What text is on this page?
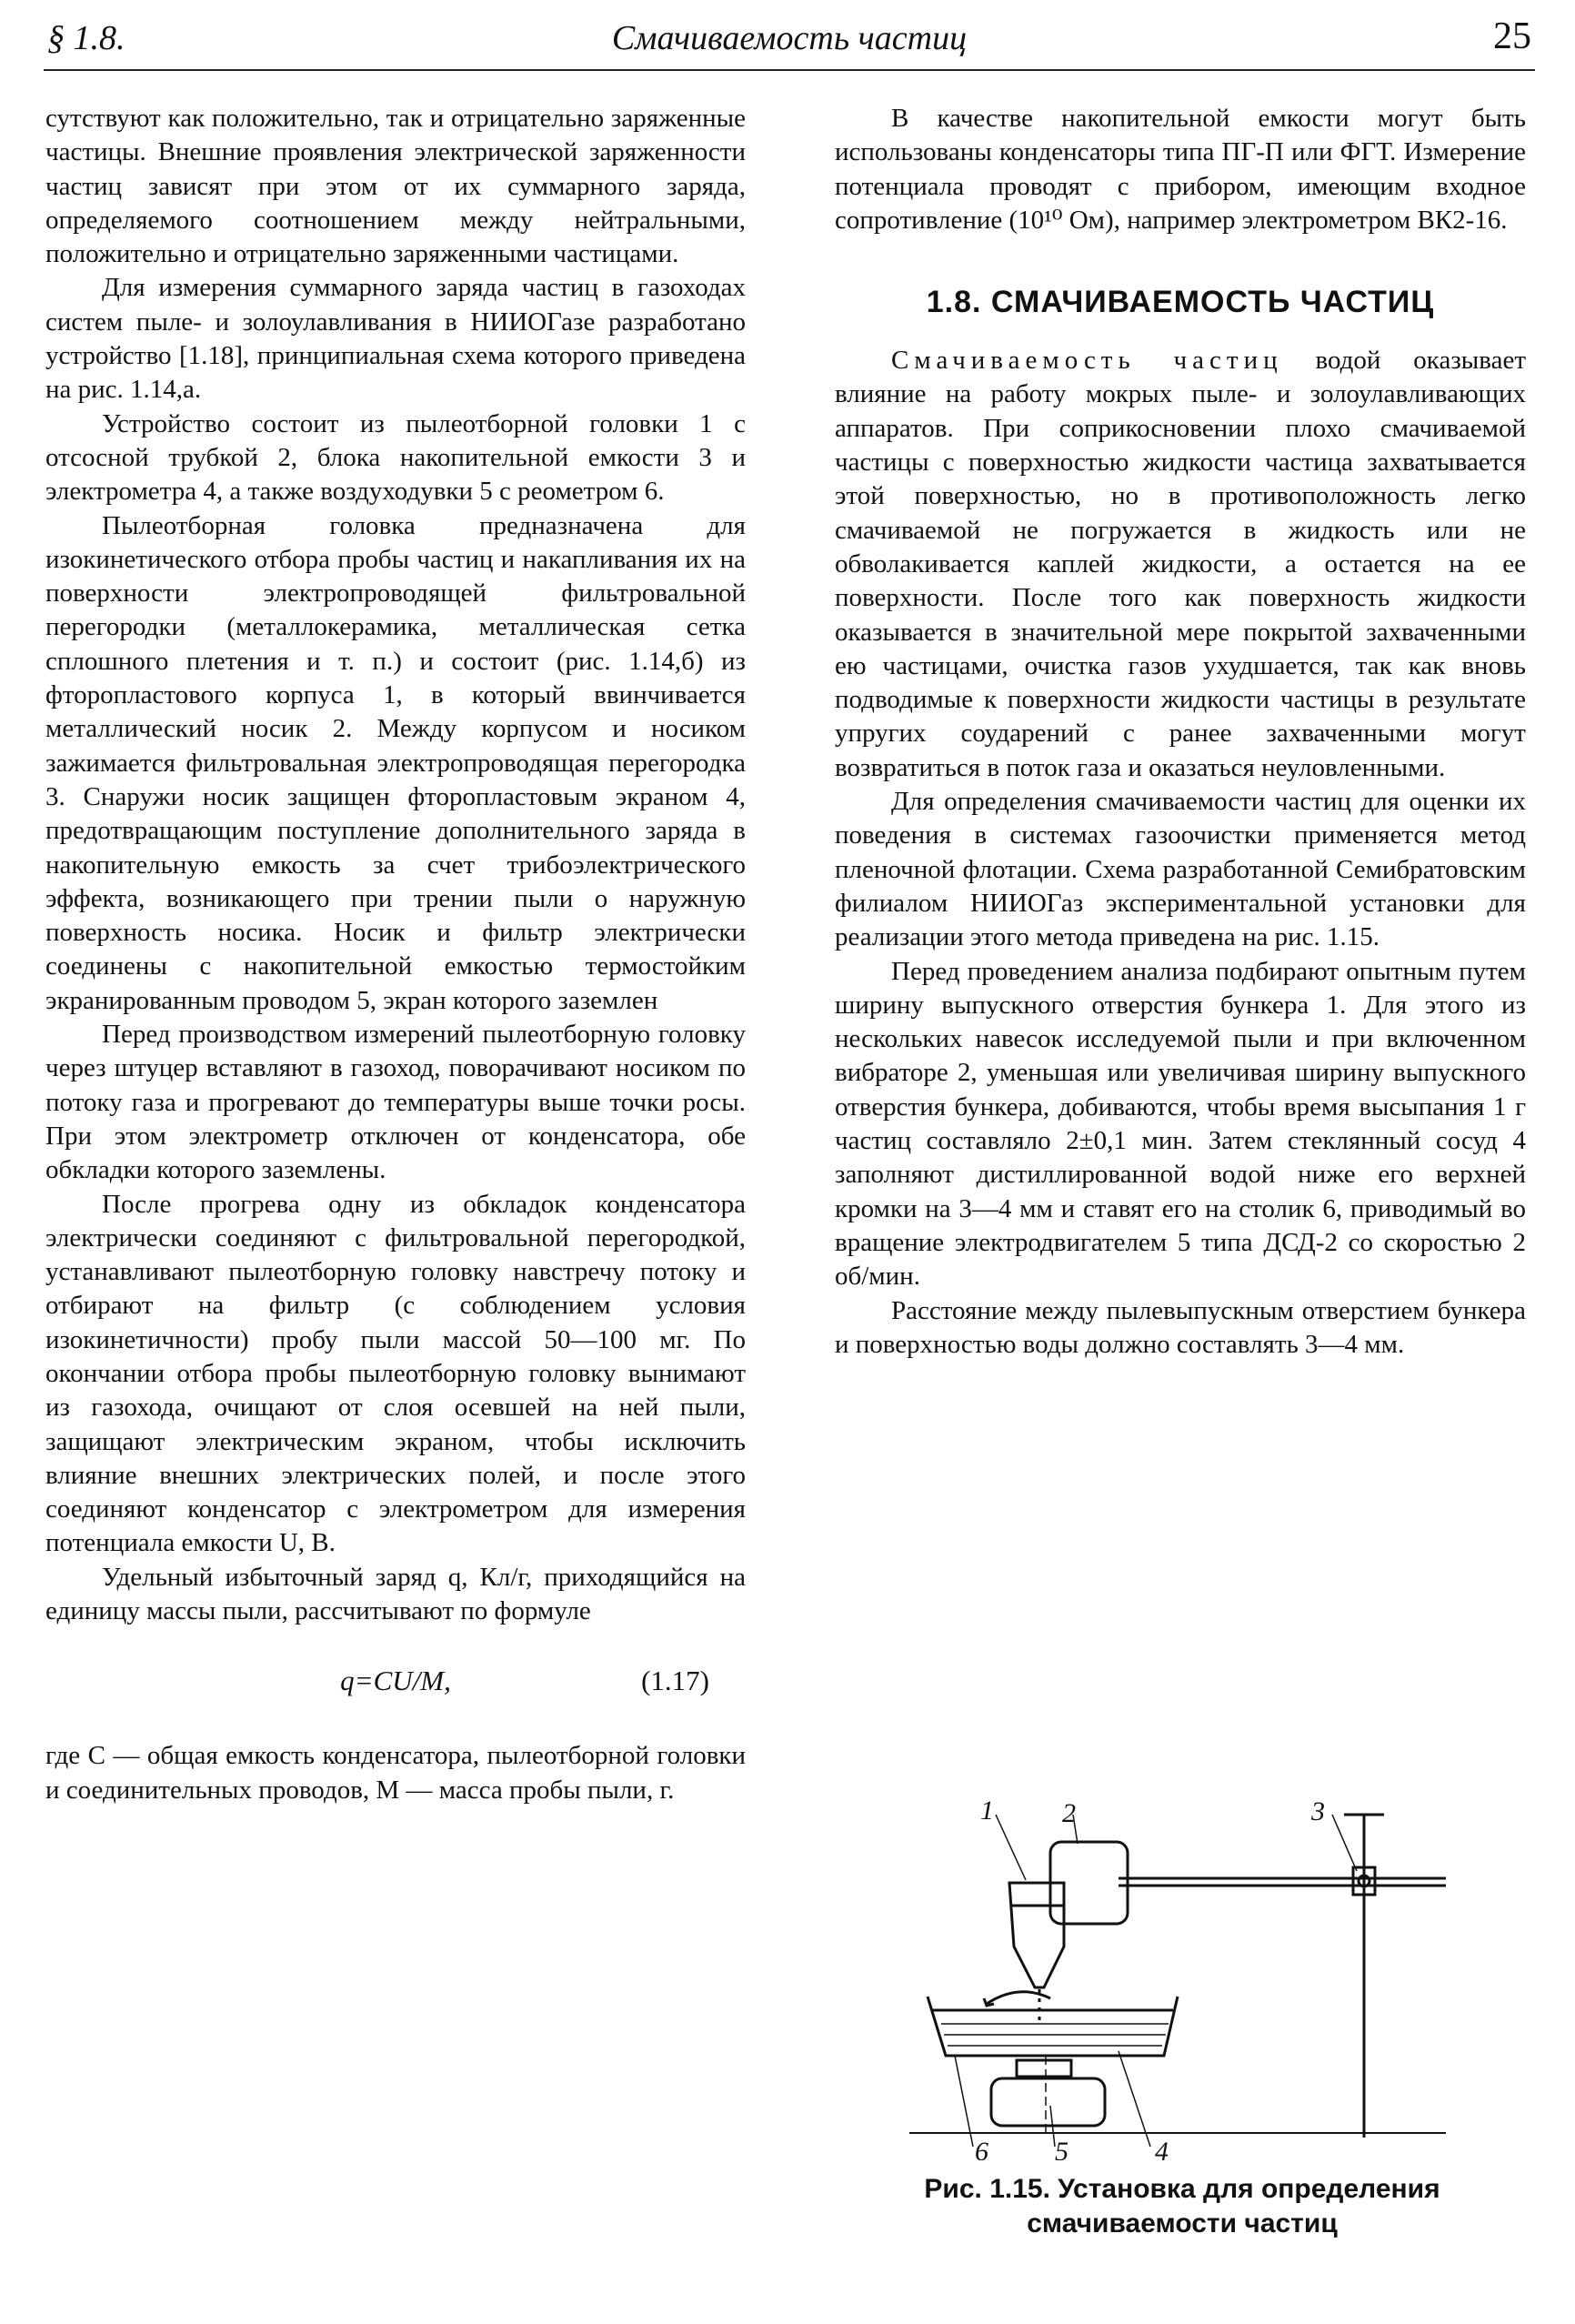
§ 1.8.	Смачиваемость частиц	25

сутствуют как положительно, так и отрицательно заряженные частицы. Внешние проявления электрической заряженности частиц зависят при этом от их суммарного заряда, определяемого соотношением между нейтральными, положительно и отрицательно заряженными частицами.

Для измерения суммарного заряда частиц в газоходах систем пыле- и золоулавливания в НИИОГазе разработано устройство [1.18], принципиальная схема которого приведена на рис. 1.14,а.

Устройство состоит из пылеотборной головки 1 с отсосной трубкой 2, блока накопительной емкости 3 и электрометра 4, а также воздуходувки 5 с реометром 6.

Пылеотборная головка предназначена для изокинетического отбора пробы частиц и накапливания их на поверхности электропроводящей фильтровальной перегородки (металлокерамика, металлическая сетка сплошного плетения и т. п.) и состоит (рис. 1.14,б) из фторопластового корпуса 1, в который ввинчивается металлический носик 2. Между корпусом и носиком зажимается фильтровальная электропроводящая перегородка 3. Снаружи носик защищен фторопластовым экраном 4, предотвращающим поступление дополнительного заряда в накопительную емкость за счет трибоэлектрического эффекта, возникающего при трении пыли о наружную поверхность носика. Носик и фильтр электрически соединены с накопительной емкостью термостойким экранированным проводом 5, экран которого заземлен

Перед производством измерений пылеотборную головку через штуцер вставляют в газоход, поворачивают носиком по потоку газа и прогревают до температуры выше точки росы. При этом электрометр отключен от конденсатора, обе обкладки которого заземлены.

После прогрева одну из обкладок конденсатора электрически соединяют с фильтровальной перегородкой, устанавливают пылеотборную головку навстречу потоку и отбирают на фильтр (с соблюдением условия изокинетичности) пробу пыли массой 50—100 мг. По окончании отбора пробы пылеотборную головку вынимают из газохода, очищают от слоя осевшей на ней пыли, защищают электрическим экраном, чтобы исключить влияние внешних электрических полей, и после этого соединяют конденсатор с электрометром для измерения потенциала емкости U, В.

Удельный избыточный заряд q, Кл/г, приходящийся на единицу массы пыли, рассчитывают по формуле

q=CU/M,	(1.17)

где C — общая емкость конденсатора, пылеотборной головки и соединительных проводов, M — масса пробы пыли, г.

В качестве накопительной емкости могут быть использованы конденсаторы типа ПГ-П или ФГТ. Измерение потенциала проводят с прибором, имеющим входное сопротивление (10¹⁰ Ом), например электрометром ВК2-16.

1.8. СМАЧИВАЕМОСТЬ ЧАСТИЦ

Смачиваемость частиц водой оказывает влияние на работу мокрых пыле- и золоулавливающих аппаратов. При соприкосновении плохо смачиваемой частицы с поверхностью жидкости частица захватывается этой поверхностью, но в противоположность легко смачиваемой не погружается в жидкость или не обволакивается каплей жидкости, а остается на ее поверхности. После того как поверхность жидкости оказывается в значительной мере покрытой захваченными ею частицами, очистка газов ухудшается, так как вновь подводимые к поверхности жидкости частицы в результате упругих соударений с ранее захваченными могут возвратиться в поток газа и оказаться неуловленными.

Для определения смачиваемости частиц для оценки их поведения в системах газоочистки применяется метод пленочной флотации. Схема разработанной Семибратовским филиалом НИИОГаз экспериментальной установки для реализации этого метода приведена на рис. 1.15.

Перед проведением анализа подбирают опытным путем ширину выпускного отверстия бункера 1. Для этого из нескольких навесок исследуемой пыли и при включенном вибраторе 2, уменьшая или увеличивая ширину выпускного отверстия бункера, добиваются, чтобы время высыпания 1 г частиц составляло 2±0,1 мин. Затем стеклянный сосуд 4 заполняют дистиллированной водой ниже его верхней кромки на 3—4 мм и ставят его на столик 6, приводимый во вращение электродвигателем 5 типа ДСД-2 со скоростью 2 об/мин.

Расстояние между пылевыпускным отверстием бункера и поверхностью воды должно составлять 3—4 мм.

1	2	3
6 5	4
Рис. 1.15. Установка для определения смачиваемости частиц
